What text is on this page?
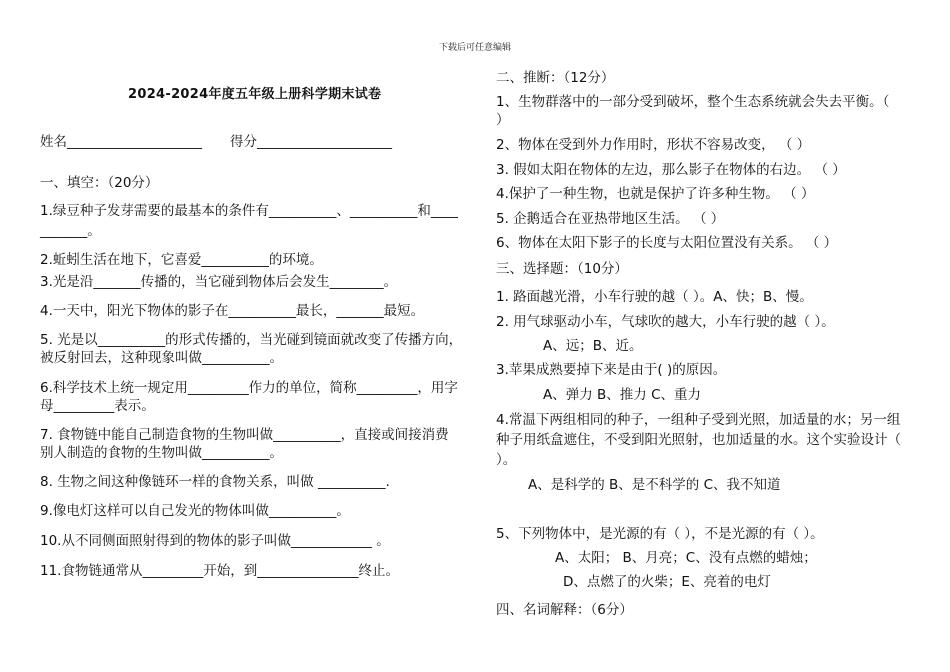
下载后可任意编辑
2024-2024年度五年级上册科学期末试卷
姓名____________________ 得分____________________
一、填空：（20分）
1.绿豆种子发芽需要的最基本的条件有__________、__________和____
_______。
2.蚯蚓生活在地下，它喜爱__________的环境。
3.光是沿_______传播的，当它碰到物体后会发生________。
4.一天中，阳光下物体的影子在__________最长，_______最短。
5. 光是以__________的形式传播的，当光碰到镜面就改变了传播方向，
被反射回去，这种现象叫做__________。
6.科学技术上统一规定用_________作力的单位，简称_________，用字
母_________表示。
7. 食物链中能自己制造食物的生物叫做__________，直接或间接消费
别人制造的食物的生物叫做__________。
8. 生物之间这种像链环一样的食物关系，叫做 __________.
9.像电灯这样可以自己发光的物体叫做__________。
10.从不同侧面照射得到的物体的影子叫做____________ 。
11.食物链通常从_________开始，到_______________终止。
二、推断：（12分）
1、生物群落中的一部分受到破坏，整个生态系统就会失去平衡。（
）
2、物体在受到外力作用时，形状不容易改变， （ ）
3. 假如太阳在物体的左边，那么影子在物体的右边。 （ ）
4.保护了一种生物，也就是保护了许多种生物。 （ ）
5. 企鹅适合在亚热带地区生活。 （ ）
6、物体在太阳下影子的长度与太阳位置没有关系。 （ ）
三、选择题：（10分）
1. 路面越光滑，小车行驶的越（ ）。A、快；B、慢。
2. 用气球驱动小车，气球吹的越大，小车行驶的越（ ）。
A、远；B、近。
3.苹果成熟要掉下来是由于( )的原因。
A、弹力 B、推力 C、重力
4.常温下两组相同的种子，一组种子受到光照，加适量的水；另一组
种子用纸盒遮住，不受到阳光照射，也加适量的水。这个实验设计（
）。
A、是科学的 B、是不科学的 C、我不知道
5、下列物体中，是光源的有（ ），不是光源的有（ ）。
A、太阳； B、月亮；C、没有点燃的蜡烛；
D、点燃了的火柴；E、亮着的电灯
四、名词解释：（6分）
